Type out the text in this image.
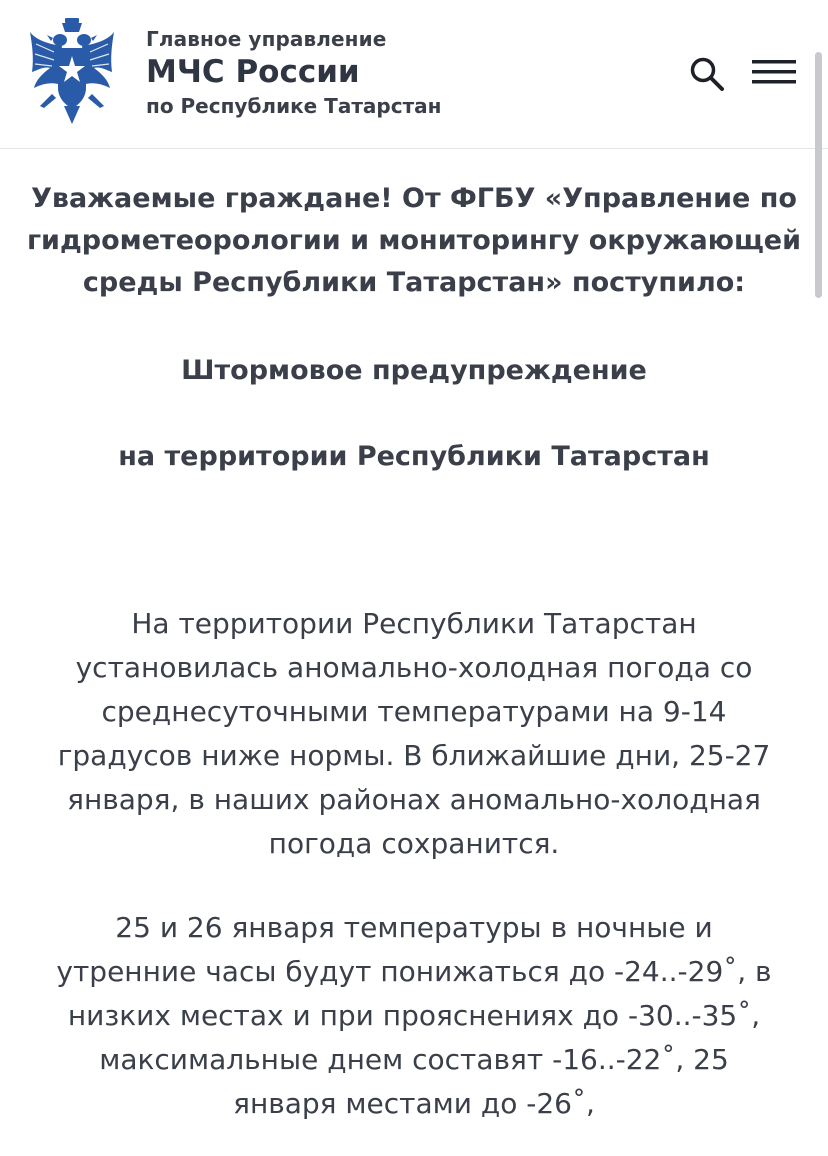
Главное управление
МЧС России
по Республике Татарстан

Уважаемые граждане! От ФГБУ «Управление по
гидрометеорологии и мониторингу окружающей
среды Республики Татарстан» поступило:

Штормовое предупреждение

на территории Республики Татарстан

На территории Республики Татарстан
установилась аномально-холодная погода со
среднесуточными температурами на 9-14
градусов ниже нормы. В ближайшие дни, 25-27
января, в наших районах аномально-холодная
погода сохранится.

25 и 26 января температуры в ночные и
утренние часы будут понижаться до -24..-29˚, в
низких местах и при прояснениях до -30..-35˚,
максимальные днем составят -16..-22˚, 25
января местами до -26˚,
